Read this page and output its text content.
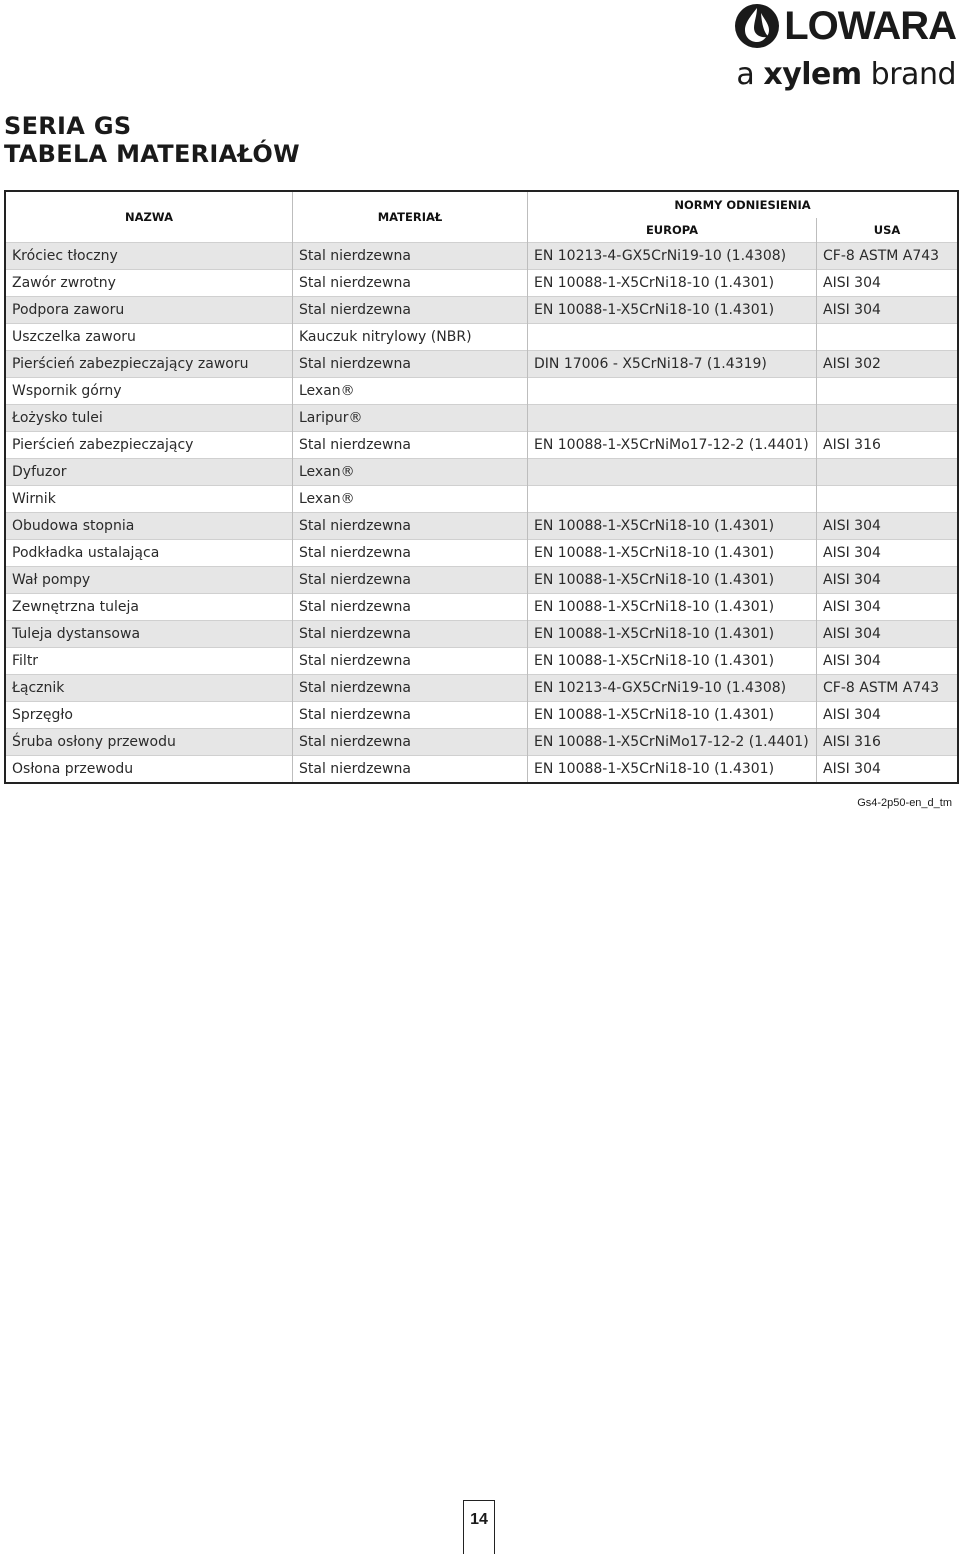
LOWARA
a xylem brand
SERIA GS
TABELA MATERIAŁÓW
NAZWA	MATERIAŁ	NORMY ODNIESIENIA	
		EUROPA	USA
Króciec tłoczny	Stal nierdzewna	EN 10213-4-GX5CrNi19-10 (1.4308)	CF-8 ASTM A743
Zawór zwrotny	Stal nierdzewna	EN 10088-1-X5CrNi18-10 (1.4301)	AISI 304
Podpora zaworu	Stal nierdzewna	EN 10088-1-X5CrNi18-10 (1.4301)	AISI 304
Uszczelka zaworu	Kauczuk nitrylowy (NBR)		
Pierścień zabezpieczający zaworu	Stal nierdzewna	DIN 17006 - X5CrNi18-7 (1.4319)	AISI 302
Wspornik górny	Lexan®		
Łożysko tulei	Laripur®		
Pierścień zabezpieczający	Stal nierdzewna	EN 10088-1-X5CrNiMo17-12-2 (1.4401)	AISI 316
Dyfuzor	Lexan®		
Wirnik	Lexan®		
Obudowa stopnia	Stal nierdzewna	EN 10088-1-X5CrNi18-10 (1.4301)	AISI 304
Podkładka ustalająca	Stal nierdzewna	EN 10088-1-X5CrNi18-10 (1.4301)	AISI 304
Wał pompy	Stal nierdzewna	EN 10088-1-X5CrNi18-10 (1.4301)	AISI 304
Zewnętrzna tuleja	Stal nierdzewna	EN 10088-1-X5CrNi18-10 (1.4301)	AISI 304
Tuleja dystansowa	Stal nierdzewna	EN 10088-1-X5CrNi18-10 (1.4301)	AISI 304
Filtr	Stal nierdzewna	EN 10088-1-X5CrNi18-10 (1.4301)	AISI 304
Łącznik	Stal nierdzewna	EN 10213-4-GX5CrNi19-10 (1.4308)	CF-8 ASTM A743
Sprzęgło	Stal nierdzewna	EN 10088-1-X5CrNi18-10 (1.4301)	AISI 304
Śruba osłony przewodu	Stal nierdzewna	EN 10088-1-X5CrNiMo17-12-2 (1.4401)	AISI 316
Osłona przewodu	Stal nierdzewna	EN 10088-1-X5CrNi18-10 (1.4301)	AISI 304
Gs4-2p50-en_d_tm
14
